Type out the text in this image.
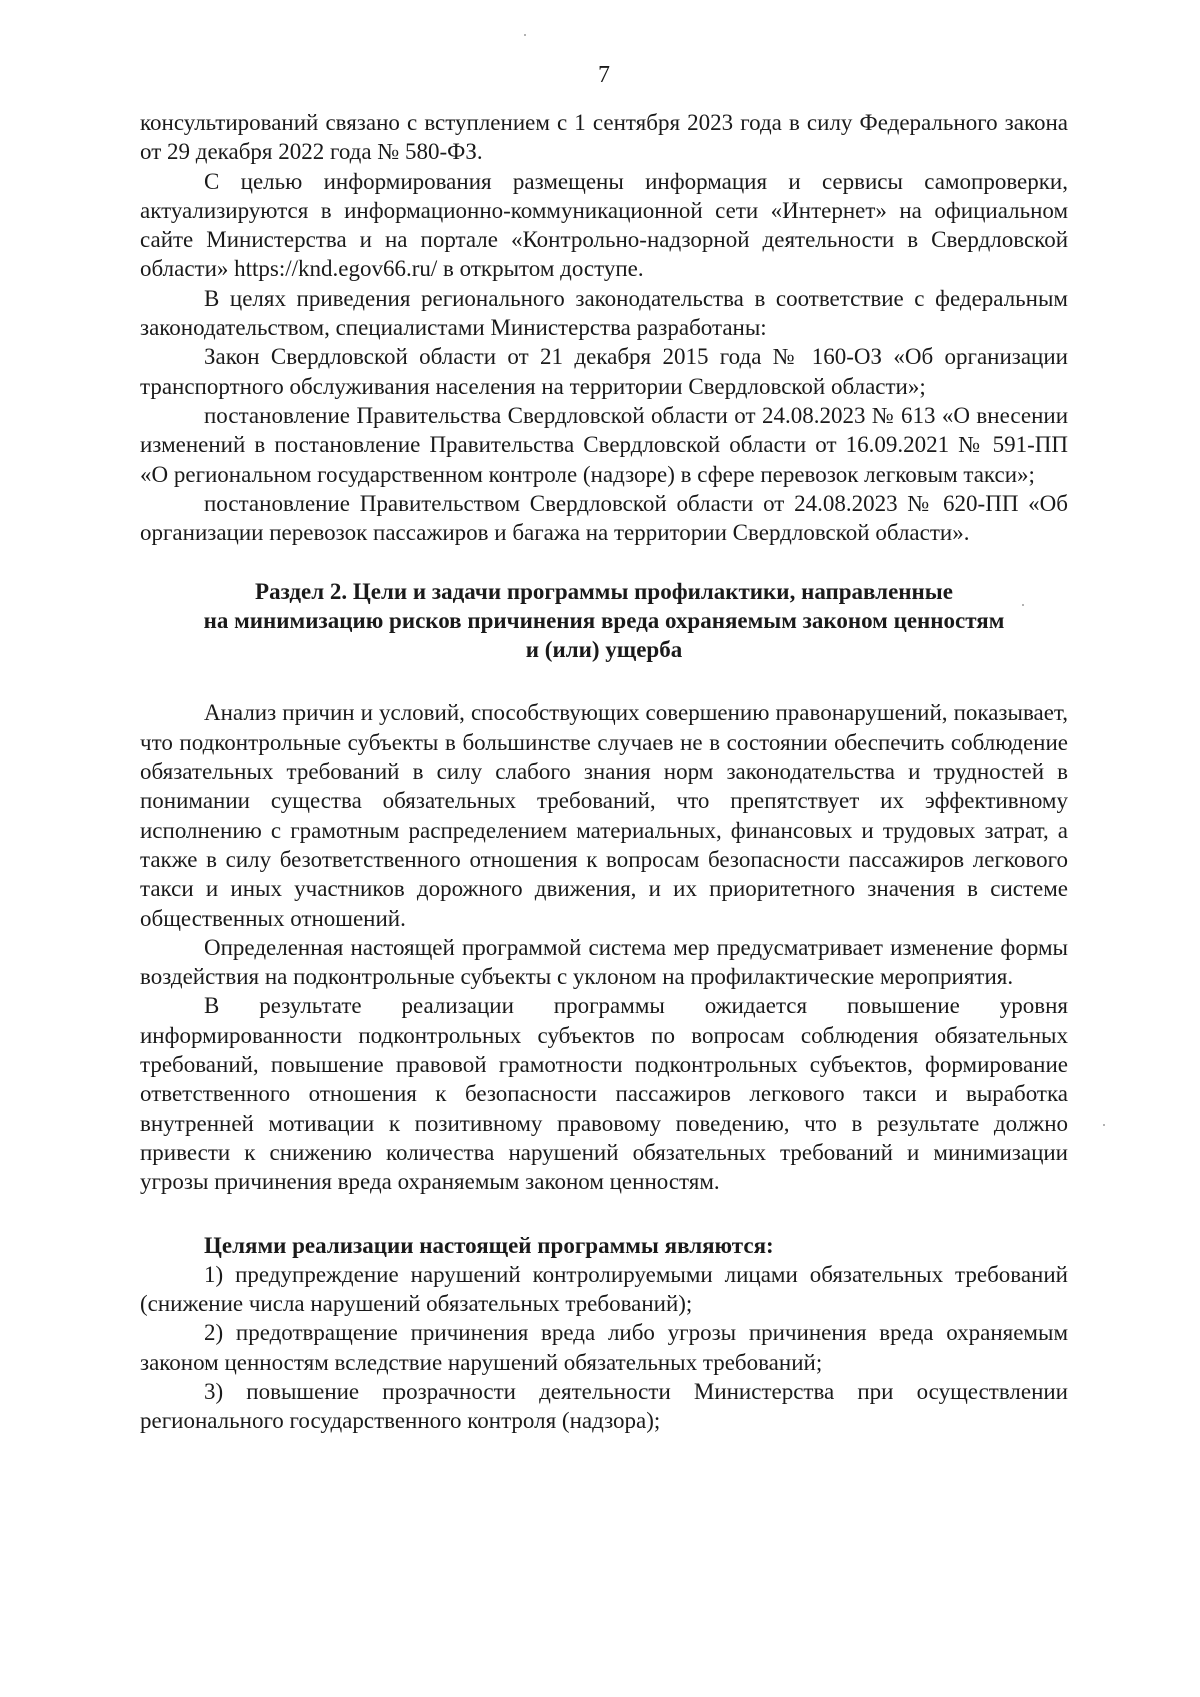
7

консультирований связано с вступлением с 1 сентября 2023 года в силу Федерального закона от 29 декабря 2022 года № 580-ФЗ.

С целью информирования размещены информация и сервисы самопроверки, актуализируются в информационно-коммуникационной сети «Интернет» на официальном сайте Министерства и на портале «Контрольно-надзорной деятельности в Свердловской области» https://knd.egov66.ru/ в открытом доступе.

В целях приведения регионального законодательства в соответствие с федеральным законодательством, специалистами Министерства разработаны:

Закон Свердловской области от 21 декабря 2015 года № 160-ОЗ «Об организации транспортного обслуживания населения на территории Свердловской области»;

постановление Правительства Свердловской области от 24.08.2023 № 613 «О внесении изменений в постановление Правительства Свердловской области от 16.09.2021 № 591-ПП «О региональном государственном контроле (надзоре) в сфере перевозок легковым такси»;

постановление Правительством Свердловской области от 24.08.2023 № 620-ПП «Об организации перевозок пассажиров и багажа на территории Свердловской области».

Раздел 2. Цели и задачи программы профилактики, направленные
на минимизацию рисков причинения вреда охраняемым законом ценностям
и (или) ущерба

Анализ причин и условий, способствующих совершению правонарушений, показывает, что подконтрольные субъекты в большинстве случаев не в состоянии обеспечить соблюдение обязательных требований в силу слабого знания норм законодательства и трудностей в понимании существа обязательных требований, что препятствует их эффективному исполнению с грамотным распределением материальных, финансовых и трудовых затрат, а также в силу безответственного отношения к вопросам безопасности пассажиров легкового такси и иных участников дорожного движения, и их приоритетного значения в системе общественных отношений.

Определенная настоящей программой система мер предусматривает изменение формы воздействия на подконтрольные субъекты с уклоном на профилактические мероприятия.

В результате реализации программы ожидается повышение уровня информированности подконтрольных субъектов по вопросам соблюдения обязательных требований, повышение правовой грамотности подконтрольных субъектов, формирование ответственного отношения к безопасности пассажиров легкового такси и выработка внутренней мотивации к позитивному правовому поведению, что в результате должно привести к снижению количества нарушений обязательных требований и минимизации угрозы причинения вреда охраняемым законом ценностям.

Целями реализации настоящей программы являются:

1) предупреждение нарушений контролируемыми лицами обязательных требований (снижение числа нарушений обязательных требований);

2) предотвращение причинения вреда либо угрозы причинения вреда охраняемым законом ценностям вследствие нарушений обязательных требований;

3) повышение прозрачности деятельности Министерства при осуществлении регионального государственного контроля (надзора);
